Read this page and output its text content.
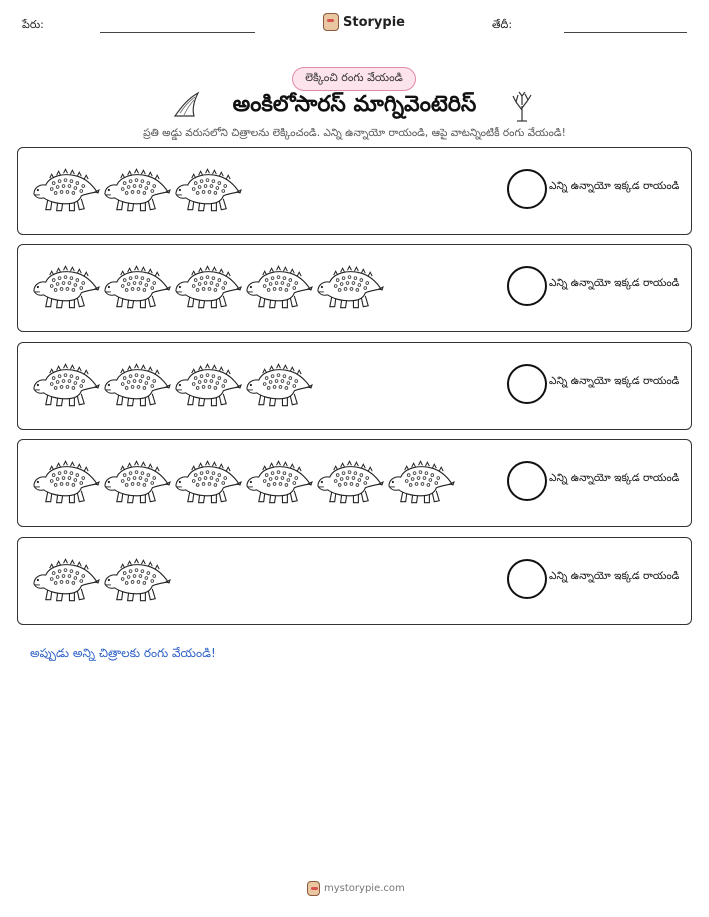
పేరు:	Storypie	తేదీ:
లెక్కించి రంగు వేయండి
అంకిలోసారస్ మాగ్నివెంటెరిస్
ప్రతి అడ్డు వరుసలోని చిత్రాలను లెక్కించండి. ఎన్ని ఉన్నాయో రాయండి, ఆపై వాటన్నింటికీ రంగు వేయండి!
ఎన్ని ఉన్నాయో ఇక్కడ రాయండి
ఎన్ని ఉన్నాయో ఇక్కడ రాయండి
ఎన్ని ఉన్నాయో ఇక్కడ రాయండి
ఎన్ని ఉన్నాయో ఇక్కడ రాయండి
ఎన్ని ఉన్నాయో ఇక్కడ రాయండి
అప్పుడు అన్ని చిత్రాలకు రంగు వేయండి!
mystorypie.com
